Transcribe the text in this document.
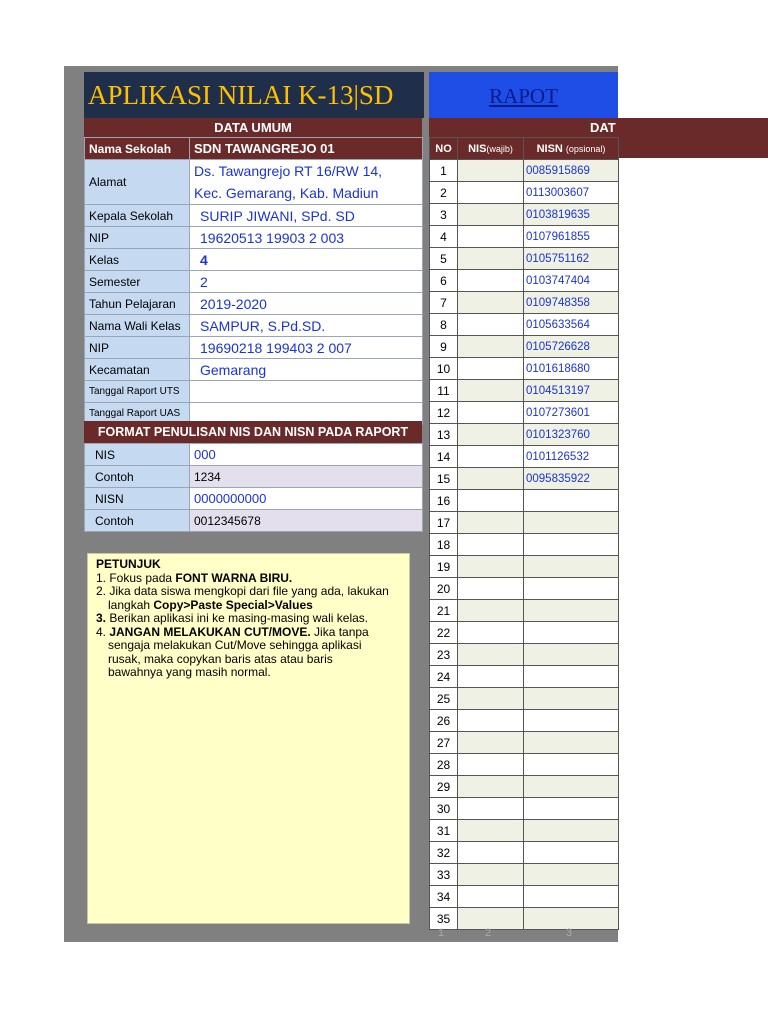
APLIKASI NILAI K-13|SD	RAPOT
DATA UMUM	DAT
Nama Sekolah	SDN TAWANGREJO 01
Alamat	Ds. Tawangrejo RT 16/RW 14,
Kec. Gemarang, Kab. Madiun
Kepala Sekolah	SURIP JIWANI, SPd. SD
NIP	19620513 19903 2 003
Kelas	4
Semester	2
Tahun Pelajaran	2019-2020
Nama Wali Kelas	SAMPUR, S.Pd.SD.
NIP	19690218 199403 2 007
Kecamatan	Gemarang
Tanggal Raport UTS	
Tanggal Raport UAS	
FORMAT PENULISAN NIS DAN NISN PADA RAPORT
NIS	000
Contoh	1234
NISN	0000000000
Contoh	0012345678

PETUNJUK

1. Fokus pada FONT WARNA BIRU.

2. Jika data siswa mengkopi dari file yang ada, lakukan

langkah Copy>Paste Special>Values

3. Berikan aplikasi ini ke masing-masing wali kelas.

4. JANGAN MELAKUKAN CUT/MOVE. Jika tanpa

sengaja melakukan Cut/Move sehingga aplikasi

rusak, maka copykan baris atas atau baris

bawahnya yang masih normal.

NO	NIS(wajib)	NISN (opsional)
1		0085915869
2		0113003607
3		0103819635
4		0107961855
5		0105751162
6		0103747404
7		0109748358
8		0105633564
9		0105726628
10		0101618680
11		0104513197
12		0107273601
13		0101323760
14		0101126532
15		0095835922
16		
17		
18		
19		
20		
21		
22		
23		
24		
25		
26		
27		
28		
29		
30		
31		
32		
33		
34		
35		
1	2	3
